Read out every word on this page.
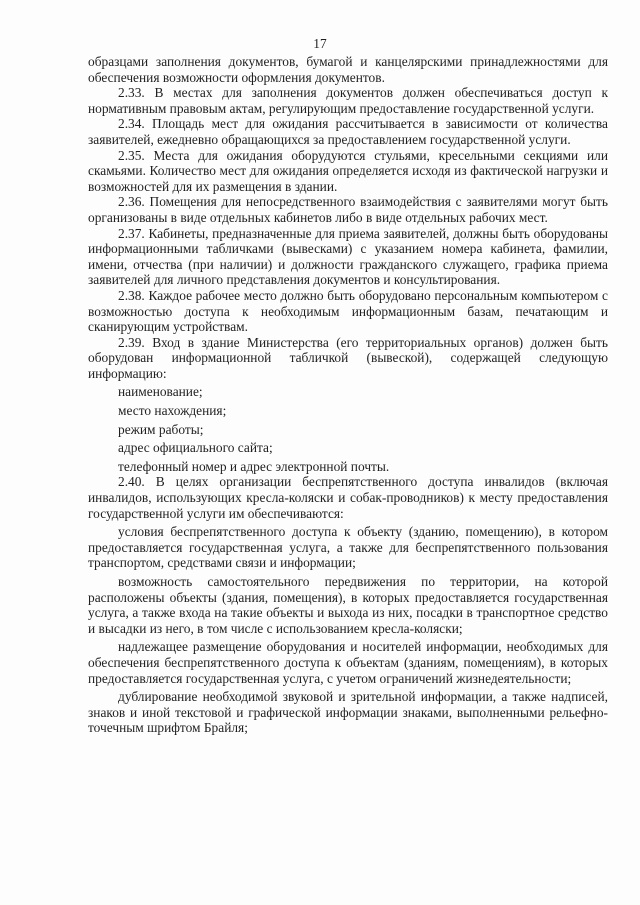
17

образцами заполнения документов, бумагой и канцелярскими принадлежностями для обеспечения возможности оформления документов.

2.33. В местах для заполнения документов должен обеспечиваться доступ к нормативным правовым актам, регулирующим предоставление государственной услуги.

2.34. Площадь мест для ожидания рассчитывается в зависимости от количества заявителей, ежедневно обращающихся за предоставлением государственной услуги.

2.35. Места для ожидания оборудуются стульями, кресельными секциями или скамьями. Количество мест для ожидания определяется исходя из фактической нагрузки и возможностей для их размещения в здании.

2.36. Помещения для непосредственного взаимодействия с заявителями могут быть организованы в виде отдельных кабинетов либо в виде отдельных рабочих мест.

2.37. Кабинеты, предназначенные для приема заявителей, должны быть оборудованы информационными табличками (вывесками) с указанием номера кабинета, фамилии, имени, отчества (при наличии) и должности гражданского служащего, графика приема заявителей для личного представления документов и консультирования.

2.38. Каждое рабочее место должно быть оборудовано персональным компьютером с возможностью доступа к необходимым информационным базам, печатающим и сканирующим устройствам.

2.39. Вход в здание Министерства (его территориальных органов) должен быть оборудован информационной табличкой (вывеской), содержащей следующую информацию:

наименование;

место нахождения;

режим работы;

адрес официального сайта;

телефонный номер и адрес электронной почты.

2.40. В целях организации беспрепятственного доступа инвалидов (включая инвалидов, использующих кресла-коляски и собак-проводников) к месту предоставления государственной услуги им обеспечиваются:

условия беспрепятственного доступа к объекту (зданию, помещению), в котором предоставляется государственная услуга, а также для беспрепятственного пользования транспортом, средствами связи и информации;

возможность самостоятельного передвижения по территории, на которой расположены объекты (здания, помещения), в которых предоставляется государственная услуга, а также входа на такие объекты и выхода из них, посадки в транспортное средство и высадки из него, в том числе с использованием кресла-коляски;

надлежащее размещение оборудования и носителей информации, необходимых для обеспечения беспрепятственного доступа к объектам (зданиям, помещениям), в которых предоставляется государственная услуга, с учетом ограничений жизнедеятельности;

дублирование необходимой звуковой и зрительной информации, а также надписей, знаков и иной текстовой и графической информации знаками, выполненными рельефно-точечным шрифтом Брайля;
